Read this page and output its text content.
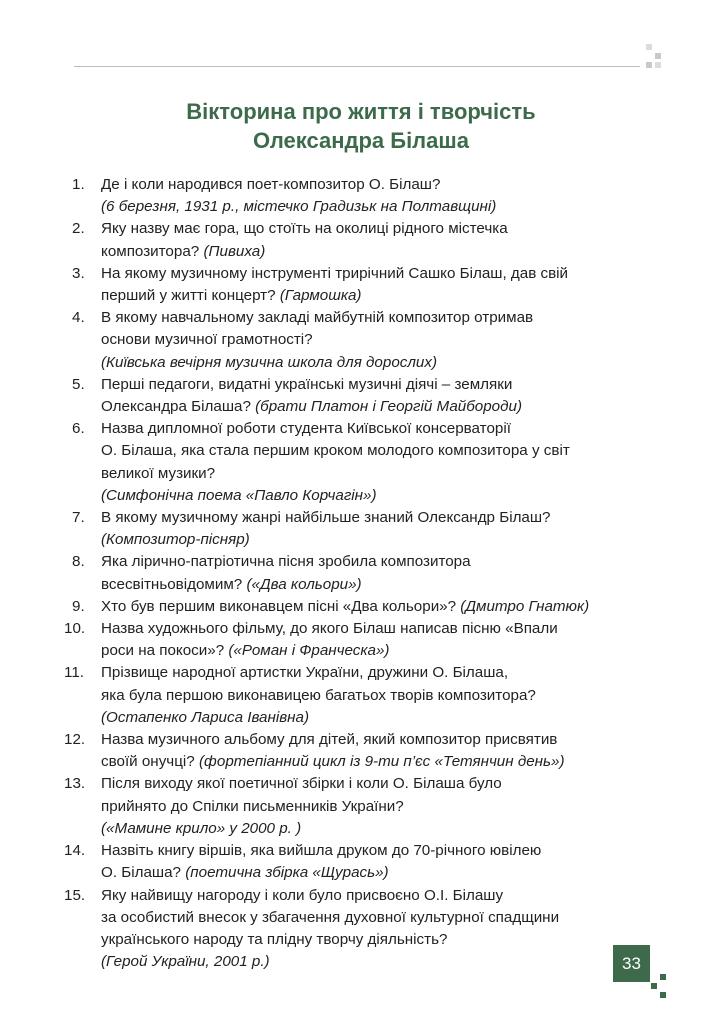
Вікторина про життя і творчість
Олександра Білаша
1. Де і коли народився поет-композитор О. Білаш?
(6 березня, 1931 р., містечко Градизьк на Полтавщині)
2. Яку назву має гора, що стоїть на околиці рідного містечка
композитора? (Пивиха)
3. На якому музичному інструменті трирічний Сашко Білаш, дав свій
перший у житті концерт? (Гармошка)
4. В якому навчальному закладі майбутній композитор отримав
основи музичної грамотності?
(Київська вечірня музична школа для дорослих)
5. Перші педагоги, видатні українські музичні діячі – земляки
Олександра Білаша? (брати Платон і Георгій Майбороди)
6. Назва дипломної роботи студента Київської консерваторії
О. Білаша, яка стала першим кроком молодого композитора у світ
великої музики?
(Симфонічна поема «Павло Корчагін»)
7. В якому музичному жанрі найбільше знаний Олександр Білаш?
(Композитор-пісняр)
8. Яка ліричнo-патріотична пісня зробила композитора
всесвітньовідомим? («Два кольори»)
9. Хто був першим виконавцем пісні «Два кольори»? (Дмитро Гнатюк)
10. Назва художнього фільму, до якого Білаш написав пісню «Впали
роси на покоси»? («Роман і Франческа»)
11. Прізвище народної артистки України, дружини О. Білаша,
яка була першою виконавицею багатьох творів композитора?
(Остапенко Лариса Іванівна)
12. Назва музичного альбому для дітей, який композитор присвятив
своїй онучці? (фортепіанний цикл із 9-ти п’єс «Тетянчин день»)
13. Після виходу якої поетичної збірки і коли О. Білаша було
прийнято до Спілки письменників України?
(«Мамине крило» у 2000 р. )
14. Назвіть книгу віршів, яка вийшла друком до 70-річного ювілею
О. Білаша? (поетична збірка «Щурась»)
15. Яку найвищу нагороду і коли було присвоєно О.І. Білашу
за особистий внесок у збагачення духовної культурної спадщини
українського народу та плідну творчу діяльність?
(Герой України, 2001 р.)	33
